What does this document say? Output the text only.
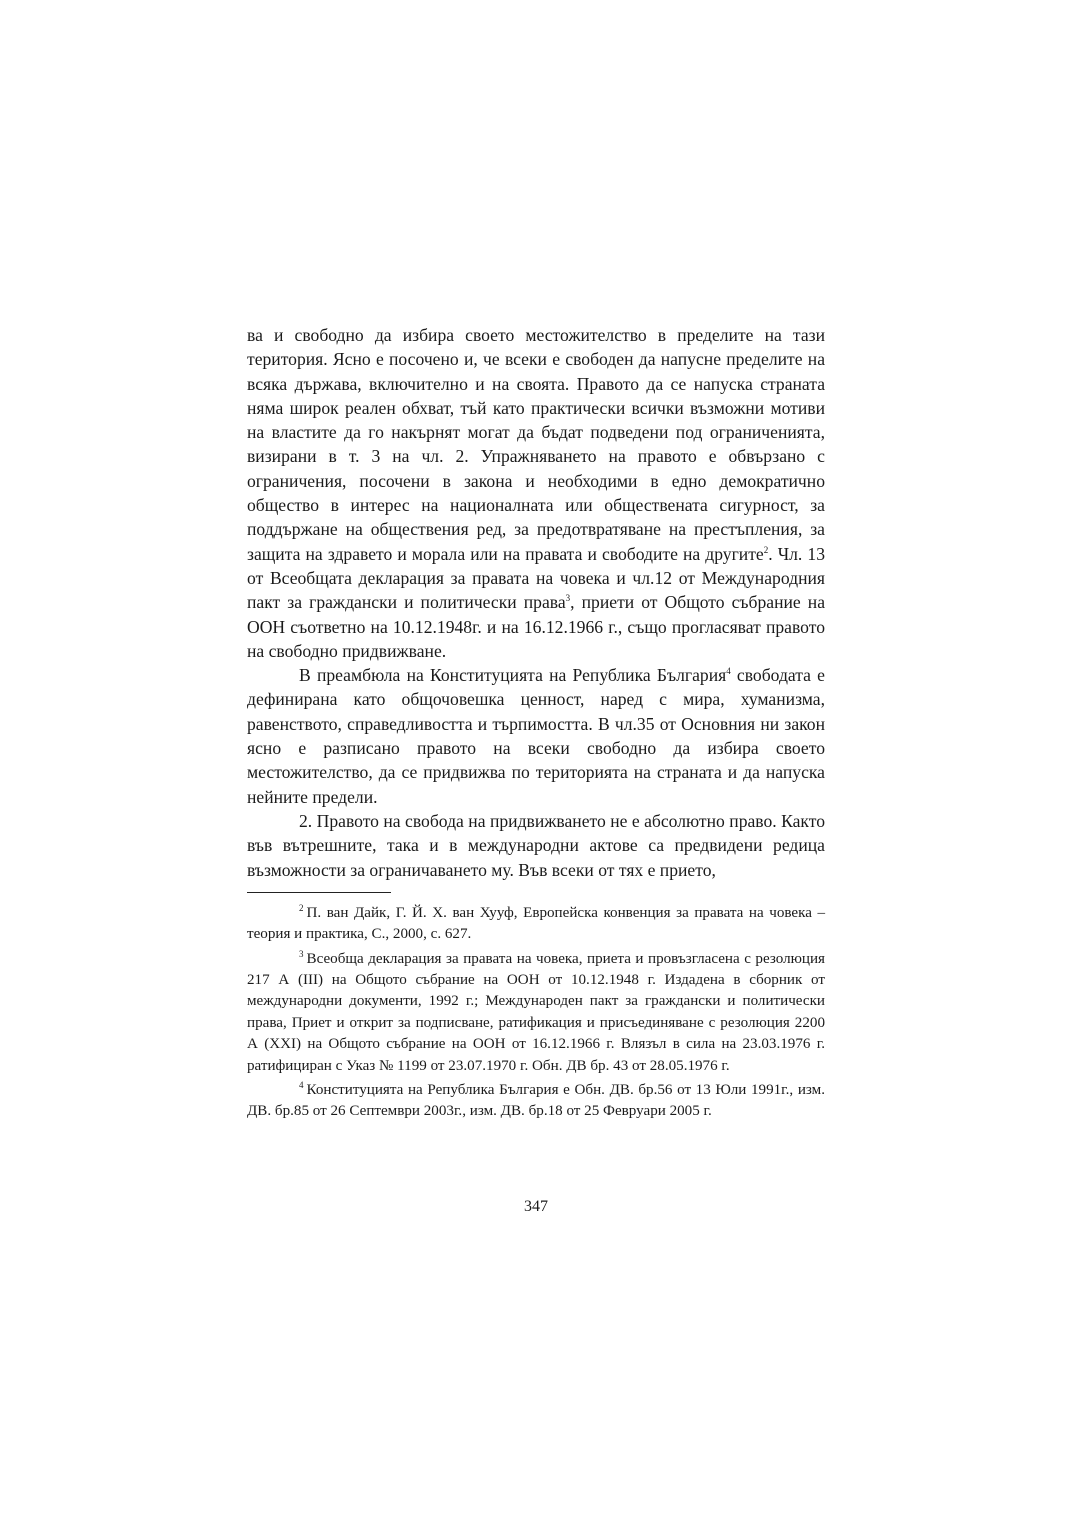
ва и свободно да избира своето местожителство в пределите на тази територия. Ясно е посочено и, че всеки е свободен да напусне пределите на всяка държава, включително и на своята. Правото да се напуска страната няма широк реален обхват, тъй като практически всички възможни мотиви на властите да го накърнят могат да бъдат подведени под ограниченията, визирани в т. 3 на чл. 2. Упражняването на правото е обвързано с ограничения, посочени в закона и необходими в едно демократично общество в интерес на националната или обществената сигурност, за поддържане на обществения ред, за предотвратяване на престъпления, за защита на здравето и морала или на правата и свободите на другите$^2$. Чл. 13 от Всеобщата декларация за правата на човека и чл.12 от Международния пакт за граждански и политически права$^3$, приети от Общото събрание на ООН съответно на 10.12.1948г. и на 16.12.1966 г., също прогласяват правото на свободно придвижване.

В преамбюла на Конституцията на Република България$^4$ свободата е дефинирана като общочовешка ценност, наред с мира, хуманизма, равенството, справедливостта и търпимостта. В чл.35 от Основния ни закон ясно е разписано правото на всеки свободно да избира своето местожителство, да се придвижва по територията на страната и да напуска нейните предели.

2. Правото на свобода на придвижването не е абсолютно право. Както във вътрешните, така и в международни актове са предвидени редица възможности за ограничаването му. Във всеки от тях е прието,

$^2$ П. ван Дайк, Г. Й. Х. ван Хууф, Европейска конвенция за правата на човека – теория и практика, С., 2000, с. 627.

$^3$ Всеобща декларация за правата на човека, приета и провъзгласена с резолюция 217 А (III) на Общото събрание на ООН от 10.12.1948 г. Издадена в сборник от международни документи, 1992 г.; Международен пакт за граждански и политически права, Приет и открит за подписване, ратификация и присъединяване с резолюция 2200 А (XXI) на Общото събрание на ООН от 16.12.1966 г. Влязъл в сила на 23.03.1976 г. ратифициран с Указ № 1199 от 23.07.1970 г. Обн. ДВ бр. 43 от 28.05.1976 г.

$^4$ Конституцията на Република България е Обн. ДВ. бр.56 от 13 Юли 1991г., изм. ДВ. бр.85 от 26 Септември 2003г., изм. ДВ. бр.18 от 25 Февруари 2005 г.

347
